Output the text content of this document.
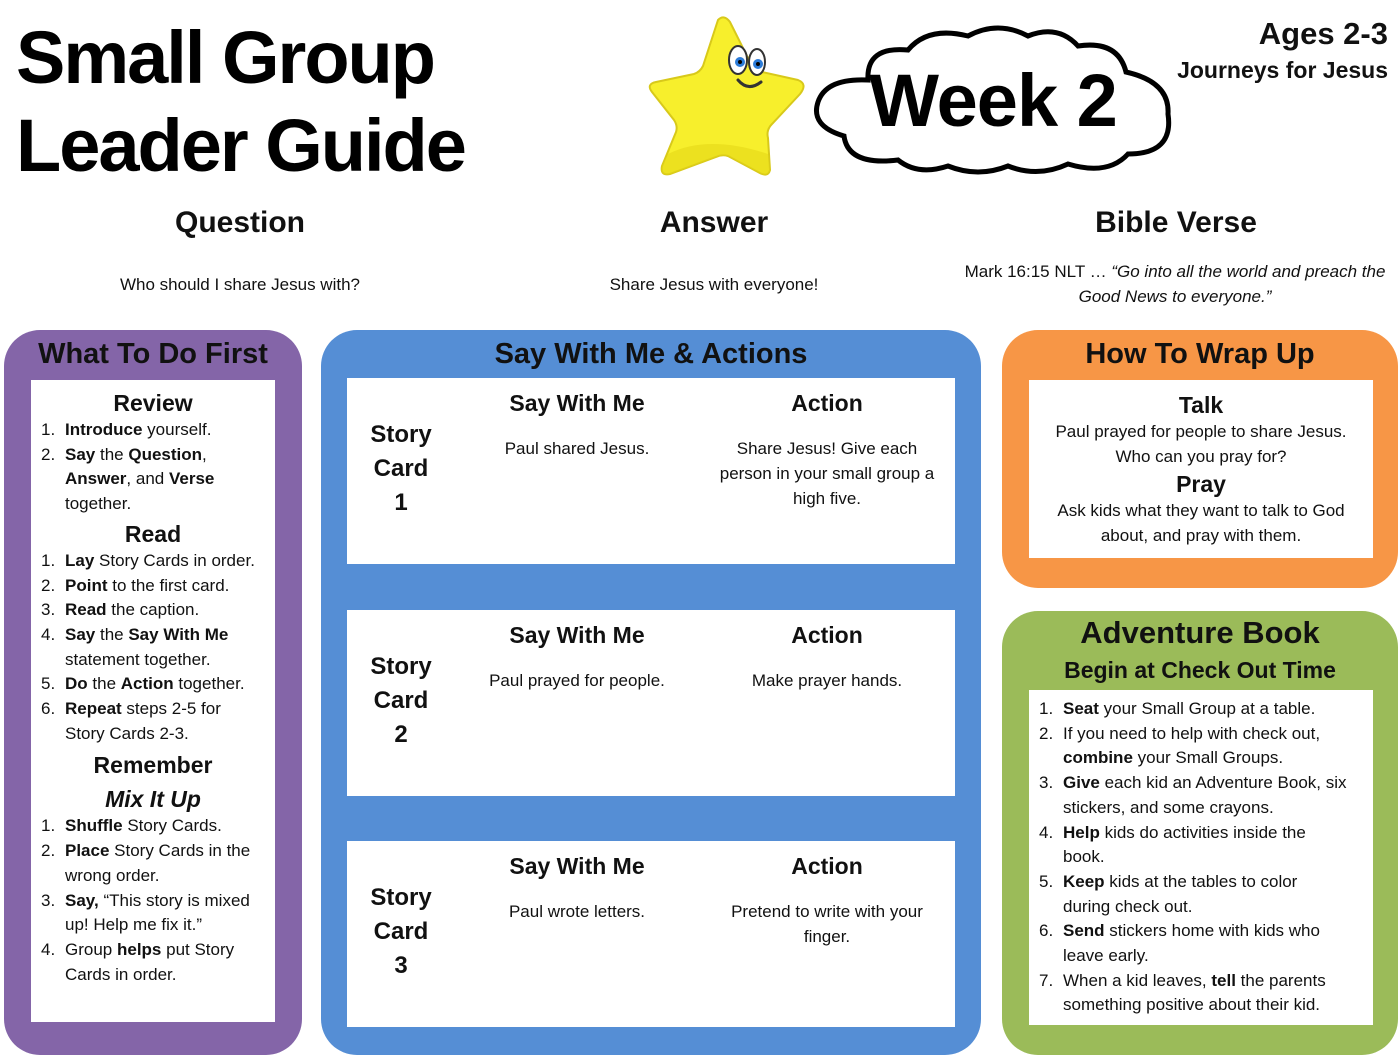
Small Group
Leader Guide
Week 2
Ages 2-3
Journeys for Jesus
Question
Who should I share Jesus with?
Answer
Share Jesus with everyone!
Bible Verse
Mark 16:15 NLT … “Go into all the world and preach the
Good News to everyone.”
What To Do First
Review
1. Introduce yourself.
2. Say the Question,
Answer, and Verse
together.
Read
1. Lay Story Cards in order.
2. Point to the first card.
3. Read the caption.
4. Say the Say With Me
statement together.
5. Do the Action together.
6. Repeat steps 2-5 for
Story Cards 2-3.
Remember
Mix It Up
1. Shuffle Story Cards.
2. Place Story Cards in the
wrong order.
3. Say, “This story is mixed
up! Help me fix it.”
4. Group helps put Story
Cards in order.
Say With Me & Actions
Story
Card
1
Say With Me
Paul shared Jesus.
Action
Share Jesus! Give each
person in your small group a
high five.
Story
Card
2
Say With Me
Paul prayed for people.
Action
Make prayer hands.
Story
Card
3
Say With Me
Paul wrote letters.
Action
Pretend to write with your
finger.
How To Wrap Up
Talk
Paul prayed for people to share Jesus.
Who can you pray for?
Pray
Ask kids what they want to talk to God
about, and pray with them.
Adventure Book
Begin at Check Out Time
1. Seat your Small Group at a table.
2. If you need to help with check out,
combine your Small Groups.
3. Give each kid an Adventure Book, six
stickers, and some crayons.
4. Help kids do activities inside the
book.
5. Keep kids at the tables to color
during check out.
6. Send stickers home with kids who
leave early.
7. When a kid leaves, tell the parents
something positive about their kid.
